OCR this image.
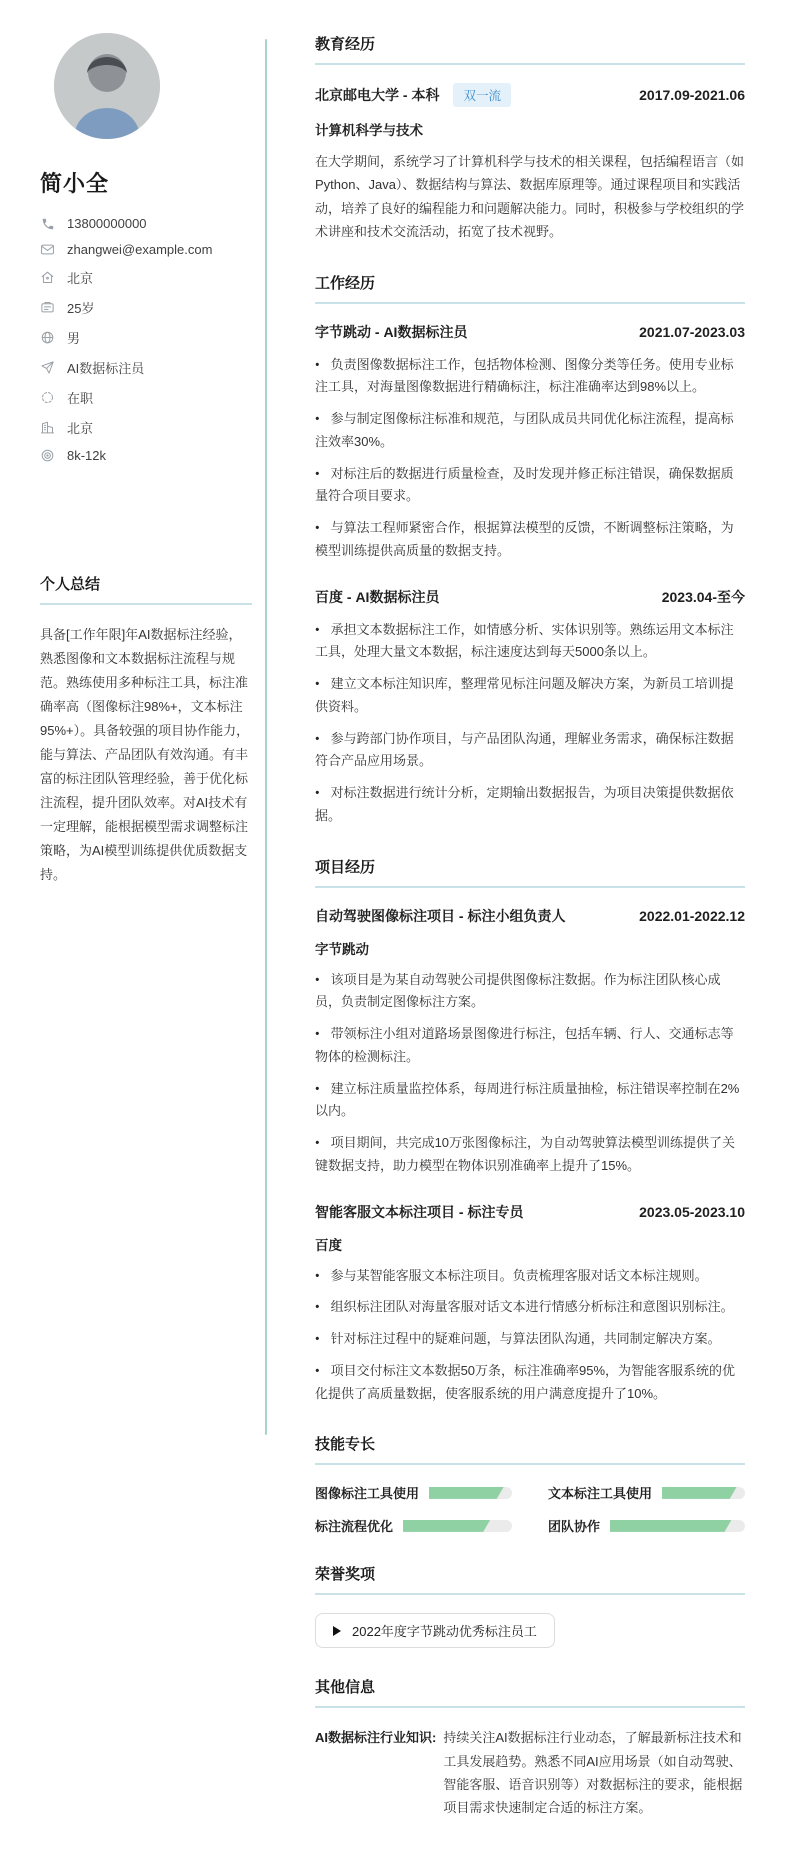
简小全
13800000000
zhangwei@example.com
北京
25岁
男
AI数据标注员
在职
北京
8k-12k
个人总结

具备[工作年限]年AI数据标注经验，熟悉图像和文本数据标注流程与规范。熟练使用多种标注工具，标注准确率高（图像标注98%+，文本标注95%+）。具备较强的项目协作能力，能与算法、产品团队有效沟通。有丰富的标注团队管理经验，善于优化标注流程，提升团队效率。对AI技术有一定理解，能根据模型需求调整标注策略，为AI模型训练提供优质数据支持。

教育经历
北京邮电大学 - 本科	双一流	2017.09-2021.06
计算机科学与技术

在大学期间，系统学习了计算机科学与技术的相关课程，包括编程语言（如Python、Java）、数据结构与算法、数据库原理等。通过课程项目和实践活动，培养了良好的编程能力和问题解决能力。同时，积极参与学校组织的学术讲座和技术交流活动，拓宽了技术视野。

工作经历
字节跳动 - AI数据标注员	2021.07-2023.03

• 负责图像数据标注工作，包括物体检测、图像分类等任务。使用专业标注工具，对海量图像数据进行精确标注，标注准确率达到98%以上。

• 参与制定图像标注标准和规范，与团队成员共同优化标注流程，提高标注效率30%。

• 对标注后的数据进行质量检查，及时发现并修正标注错误，确保数据质量符合项目要求。

• 与算法工程师紧密合作，根据算法模型的反馈，不断调整标注策略，为模型训练提供高质量的数据支持。

百度 - AI数据标注员	2023.04-至今

• 承担文本数据标注工作，如情感分析、实体识别等。熟练运用文本标注工具，处理大量文本数据，标注速度达到每天5000条以上。

• 建立文本标注知识库，整理常见标注问题及解决方案，为新员工培训提供资料。

• 参与跨部门协作项目，与产品团队沟通，理解业务需求，确保标注数据符合产品应用场景。

• 对标注数据进行统计分析，定期输出数据报告，为项目决策提供数据依据。

项目经历
自动驾驶图像标注项目 - 标注小组负责人	2022.01-2022.12
字节跳动

• 该项目是为某自动驾驶公司提供图像标注数据。作为标注团队核心成员，负责制定图像标注方案。

• 带领标注小组对道路场景图像进行标注，包括车辆、行人、交通标志等物体的检测标注。

• 建立标注质量监控体系，每周进行标注质量抽检，标注错误率控制在2%以内。

• 项目期间，共完成10万张图像标注，为自动驾驶算法模型训练提供了关键数据支持，助力模型在物体识别准确率上提升了15%。

智能客服文本标注项目 - 标注专员	2023.05-2023.10
百度

• 参与某智能客服文本标注项目。负责梳理客服对话文本标注规则。

• 组织标注团队对海量客服对话文本进行情感分析标注和意图识别标注。

• 针对标注过程中的疑难问题，与算法团队沟通，共同制定解决方案。

• 项目交付标注文本数据50万条，标注准确率95%，为智能客服系统的优化提供了高质量数据，使客服系统的用户满意度提升了10%。

技能专长
图像标注工具使用	文本标注工具使用
标注流程优化	团队协作
荣誉奖项
2022年度字节跳动优秀标注员工
其他信息
AI数据标注行业知识: 持续关注AI数据标注行业动态，了解最新标注技术和工具发展趋势。熟悉不同AI应用场景（如自动驾驶、智能客服、语音识别等）对数据标注的要求，能根据项目需求快速制定合适的标注方案。
